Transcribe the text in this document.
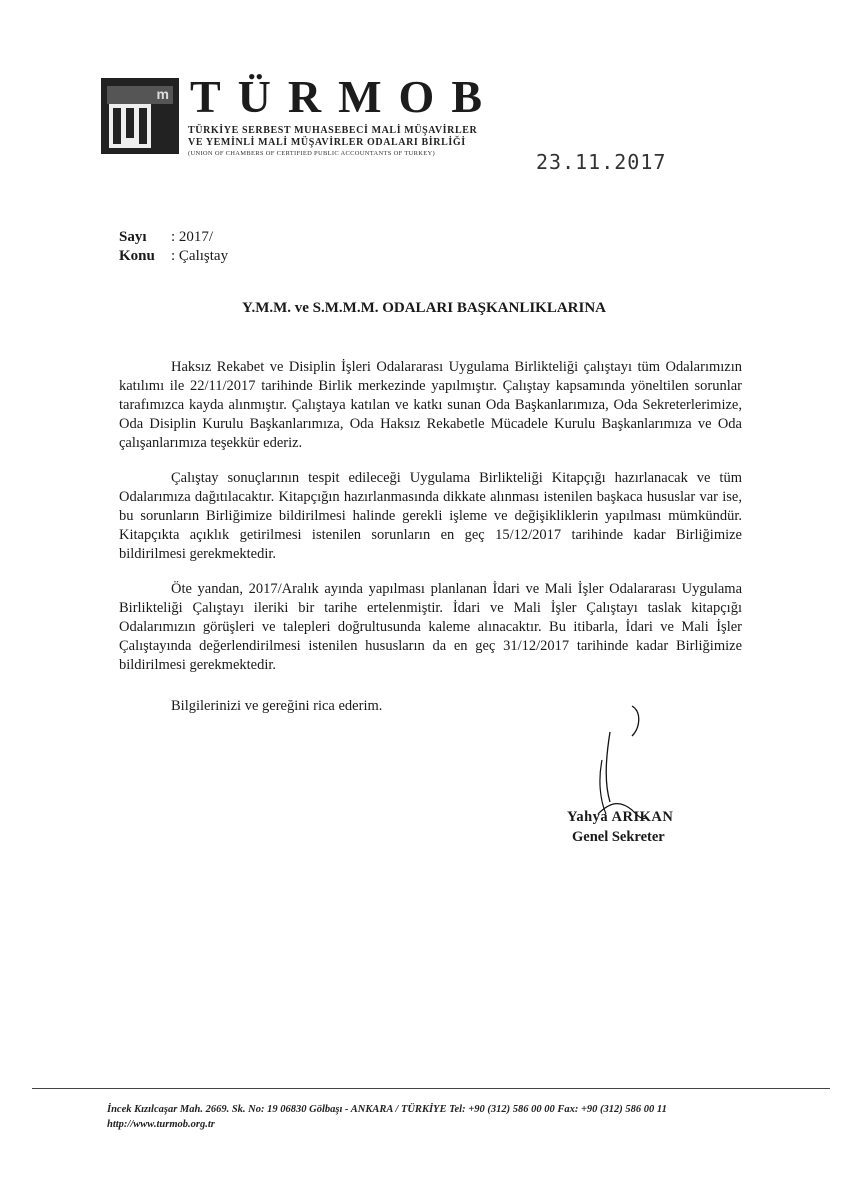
m TÜRMOB
TÜRKİYE SERBEST MUHASEBECİ MALİ MÜŞAVİRLER
VE YEMİNLİ MALİ MÜŞAVİRLER ODALARI BİRLİĞİ
(UNION OF CHAMBERS OF CERTIFIED PUBLIC ACCOUNTANTS OF TURKEY)	23.11.2017
Sayı : 2017/
Konu : Çalıştay
Y.M.M. ve S.M.M.M. ODALARI BAŞKANLIKLARINA
Haksız Rekabet ve Disiplin İşleri Odalararası Uygulama Birlikteliği çalıştayı tüm Odalarımızın katılımı ile 22/11/2017 tarihinde Birlik merkezinde yapılmıştır. Çalıştay kapsamında yöneltilen sorunlar tarafımızca kayda alınmıştır. Çalıştaya katılan ve katkı sunan Oda Başkanlarımıza, Oda Sekreterlerimize, Oda Disiplin Kurulu Başkanlarımıza, Oda Haksız Rekabetle Mücadele Kurulu Başkanlarımıza ve Oda çalışanlarımıza teşekkür ederiz.
Çalıştay sonuçlarının tespit edileceği Uygulama Birlikteliği Kitapçığı hazırlanacak ve tüm Odalarımıza dağıtılacaktır. Kitapçığın hazırlanmasında dikkate alınması istenilen başkaca hususlar var ise, bu sorunların Birliğimize bildirilmesi halinde gerekli işleme ve değişikliklerin yapılması mümkündür. Kitapçıkta açıklık getirilmesi istenilen sorunların en geç 15/12/2017 tarihinde kadar Birliğimize bildirilmesi gerekmektedir.
Öte yandan, 2017/Aralık ayında yapılması planlanan İdari ve Mali İşler Odalararası Uygulama Birlikteliği Çalıştayı ileriki bir tarihe ertelenmiştir. İdari ve Mali İşler Çalıştayı taslak kitapçığı Odalarımızın görüşleri ve talepleri doğrultusunda kaleme alınacaktır. Bu itibarla, İdari ve Mali İşler Çalıştayında değerlendirilmesi istenilen hususların da en geç 31/12/2017 tarihinde kadar Birliğimize bildirilmesi gerekmektedir.
Bilgilerinizi ve gereğini rica ederim.
Yahya ARIKAN
Genel Sekreter
İncek Kızılcaşar Mah. 2669. Sk. No: 19 06830 Gölbaşı - ANKARA / TÜRKİYE Tel: +90 (312) 586 00 00 Fax: +90 (312) 586 00 11
http://www.turmob.org.tr
